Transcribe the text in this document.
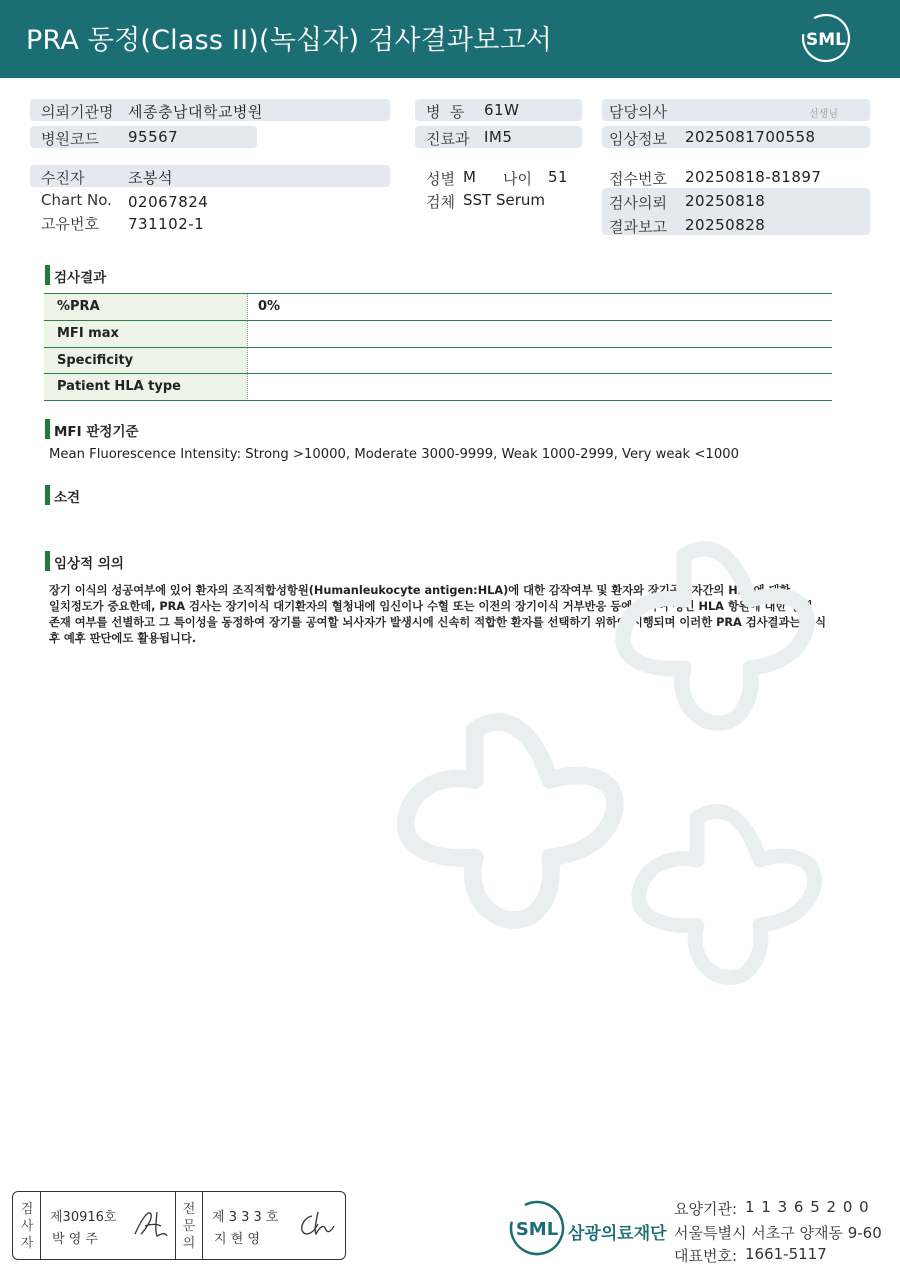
PRA 동정(Class II)(녹십자) 검사결과보고서	SML
의뢰기관명 세종충남대학교병원
병원코드 95567
병  동 61W
진료과 IM5
담당의사	선생님
임상정보 2025081700558
수진자	조봉석
Chart No. 02067824
고유번호 731102-1
성별 M 나이 51
검체 SST Serum
접수번호 20250818-81897
검사의뢰 20250818
결과보고 20250828
검사결과
%PRA	0%
MFI max
Specificity
Patient HLA type
MFI 판정기준
Mean Fluorescence Intensity: Strong >10000, Moderate 3000-9999, Weak 1000-2999, Very weak <1000
소견
임상적 의의
장기 이식의 성공여부에 있어 환자의 조직적합성항원(Humanleukocyte antigen:HLA)에 대한 감작여부 및 환자와 장기공여자간의 HLA에 대한
일치정도가 중요한데, PRA 검사는 장기이식 대기환자의 혈청내에 임신이나 수혈 또는 이전의 장기이식 거부반응 등에 의하여 생긴 HLA 항원에 대한 항체
존재 여부를 선별하고 그 특이성을 동정하여 장기를 공여할 뇌사자가 발생시에 신속히 적합한 환자를 선택하기 위하여 시행되며 이러한 PRA 검사결과는 이식
후 예후 판단에도 활용됩니다.
검사자
제30916호
박 영 주
전문의
제 3 3 3 호
지 현 영	SML 삼광의료재단
요양기관: 1 1 3 6 5 2 0 0
서울특별시 서초구 양재동 9-60
대표번호: 1661-5117
